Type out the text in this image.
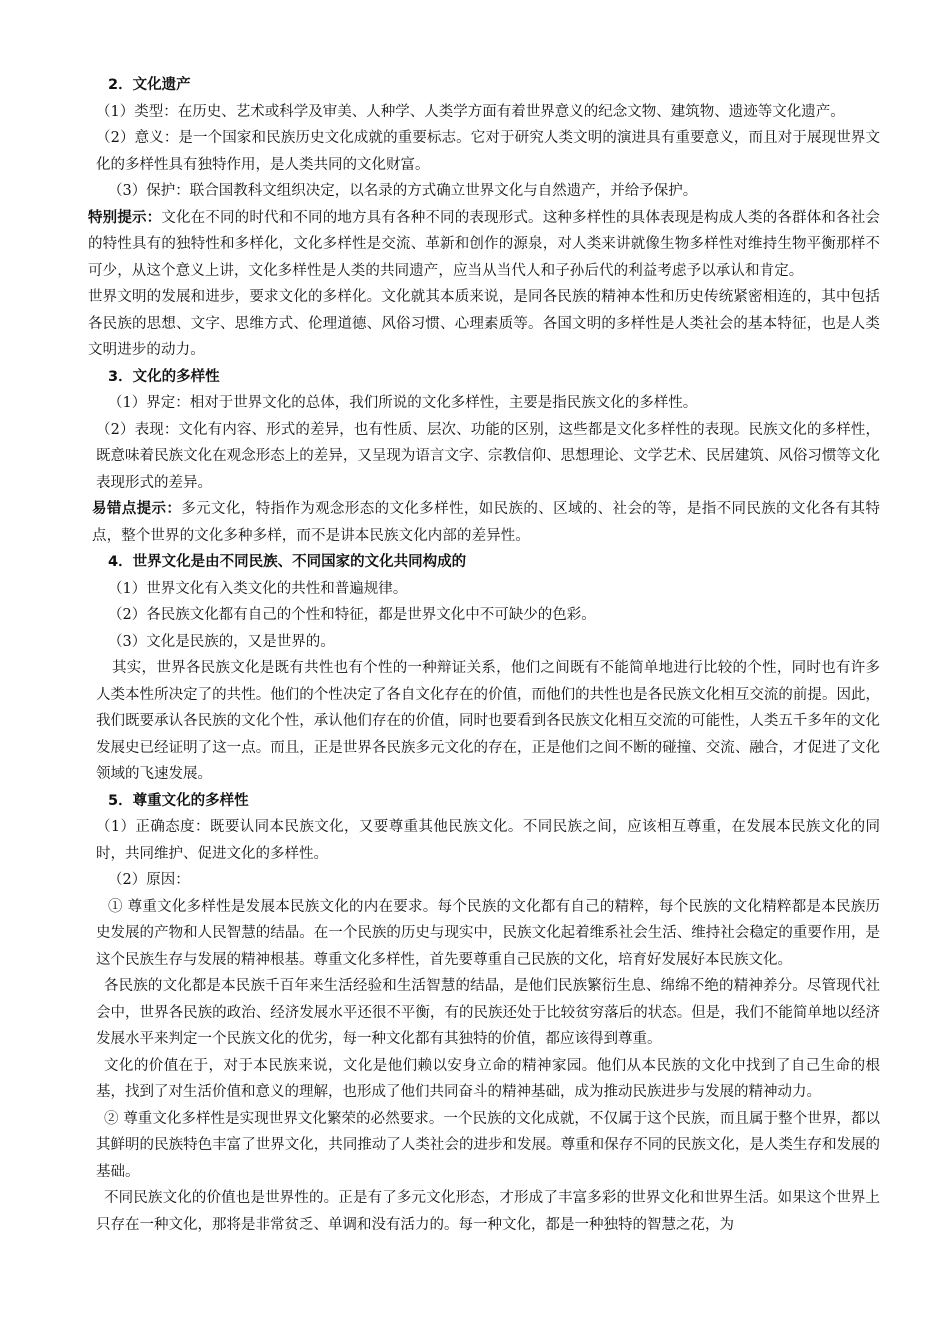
2．文化遗产

（1）类型：在历史、艺术或科学及审美、人种学、人类学方面有着世界意义的纪念文物、建筑物、遗迹等文化遗产。

（2）意义：是一个国家和民族历史文化成就的重要标志。它对于研究人类文明的演进具有重要意义，而且对于展现世界文化的多样性具有独特作用，是人类共同的文化财富。

（3）保护：联合国教科文组织决定，以名录的方式确立世界文化与自然遗产，并给予保护。

特别提示：文化在不同的时代和不同的地方具有各种不同的表现形式。这种多样性的具体表现是构成人类的各群体和各社会的特性具有的独特性和多样化，文化多样性是交流、革新和创作的源泉，对人类来讲就像生物多样性对维持生物平衡那样不可少，从这个意义上讲，文化多样性是人类的共同遗产，应当从当代人和子孙后代的利益考虑予以承认和肯定。

世界文明的发展和进步，要求文化的多样化。文化就其本质来说，是同各民族的精神本性和历史传统紧密相连的，其中包括各民族的思想、文字、思维方式、伦理道德、风俗习惯、心理素质等。各国文明的多样性是人类社会的基本特征，也是人类文明进步的动力。

3．文化的多样性

（1）界定：相对于世界文化的总体，我们所说的文化多样性，主要是指民族文化的多样性。

（2）表现：文化有内容、形式的差异，也有性质、层次、功能的区别，这些都是文化多样性的表现。民族文化的多样性，既意味着民族文化在观念形态上的差异，又呈现为语言文字、宗教信仰、思想理论、文学艺术、民居建筑、风俗习惯等文化表现形式的差异。

易错点提示：多元文化，特指作为观念形态的文化多样性，如民族的、区域的、社会的等，是指不同民族的文化各有其特点，整个世界的文化多种多样，而不是讲本民族文化内部的差异性。

4．世界文化是由不同民族、不同国家的文化共同构成的

（1）世界文化有入类文化的共性和普遍规律。

（2）各民族文化都有自己的个性和特征，都是世界文化中不可缺少的色彩。

（3）文化是民族的，又是世界的。

其实，世界各民族文化是既有共性也有个性的一种辩证关系，他们之间既有不能简单地进行比较的个性，同时也有许多人类本性所决定了的共性。他们的个性决定了各自文化存在的价值，而他们的共性也是各民族文化相互交流的前提。因此，我们既要承认各民族的文化个性，承认他们存在的价值，同时也要看到各民族文化相互交流的可能性，人类五千多年的文化发展史已经证明了这一点。而且，正是世界各民族多元文化的存在，正是他们之间不断的碰撞、交流、融合，才促进了文化领域的飞速发展。

5．尊重文化的多样性

（1）正确态度：既要认同本民族文化，又要尊重其他民族文化。不同民族之间，应该相互尊重，在发展本民族文化的同时，共同维护、促进文化的多样性。

（2）原因：

① 尊重文化多样性是发展本民族文化的内在要求。每个民族的文化都有自己的精粹，每个民族的文化精粹都是本民族历史发展的产物和人民智慧的结晶。在一个民族的历史与现实中，民族文化起着维系社会生活、维持社会稳定的重要作用，是这个民族生存与发展的精神根基。尊重文化多样性，首先要尊重自己民族的文化，培育好发展好本民族文化。

各民族的文化都是本民族千百年来生活经验和生活智慧的结晶，是他们民族繁衍生息、绵绵不绝的精神养分。尽管现代社会中，世界各民族的政治、经济发展水平还很不平衡，有的民族还处于比较贫穷落后的状态。但是，我们不能简单地以经济发展水平来判定一个民族文化的优劣，每一种文化都有其独特的价值，都应该得到尊重。

文化的价值在于，对于本民族来说，文化是他们赖以安身立命的精神家园。他们从本民族的文化中找到了自己生命的根基，找到了对生活价值和意义的理解，也形成了他们共同奋斗的精神基础，成为推动民族进步与发展的精神动力。

② 尊重文化多样性是实现世界文化繁荣的必然要求。一个民族的文化成就，不仅属于这个民族，而且属于整个世界，都以其鲜明的民族特色丰富了世界文化，共同推动了人类社会的进步和发展。尊重和保存不同的民族文化，是人类生存和发展的基础。

不同民族文化的价值也是世界性的。正是有了多元文化形态，才形成了丰富多彩的世界文化和世界生活。如果这个世界上只存在一种文化，那将是非常贫乏、单调和没有活力的。每一种文化，都是一种独特的智慧之花，为
